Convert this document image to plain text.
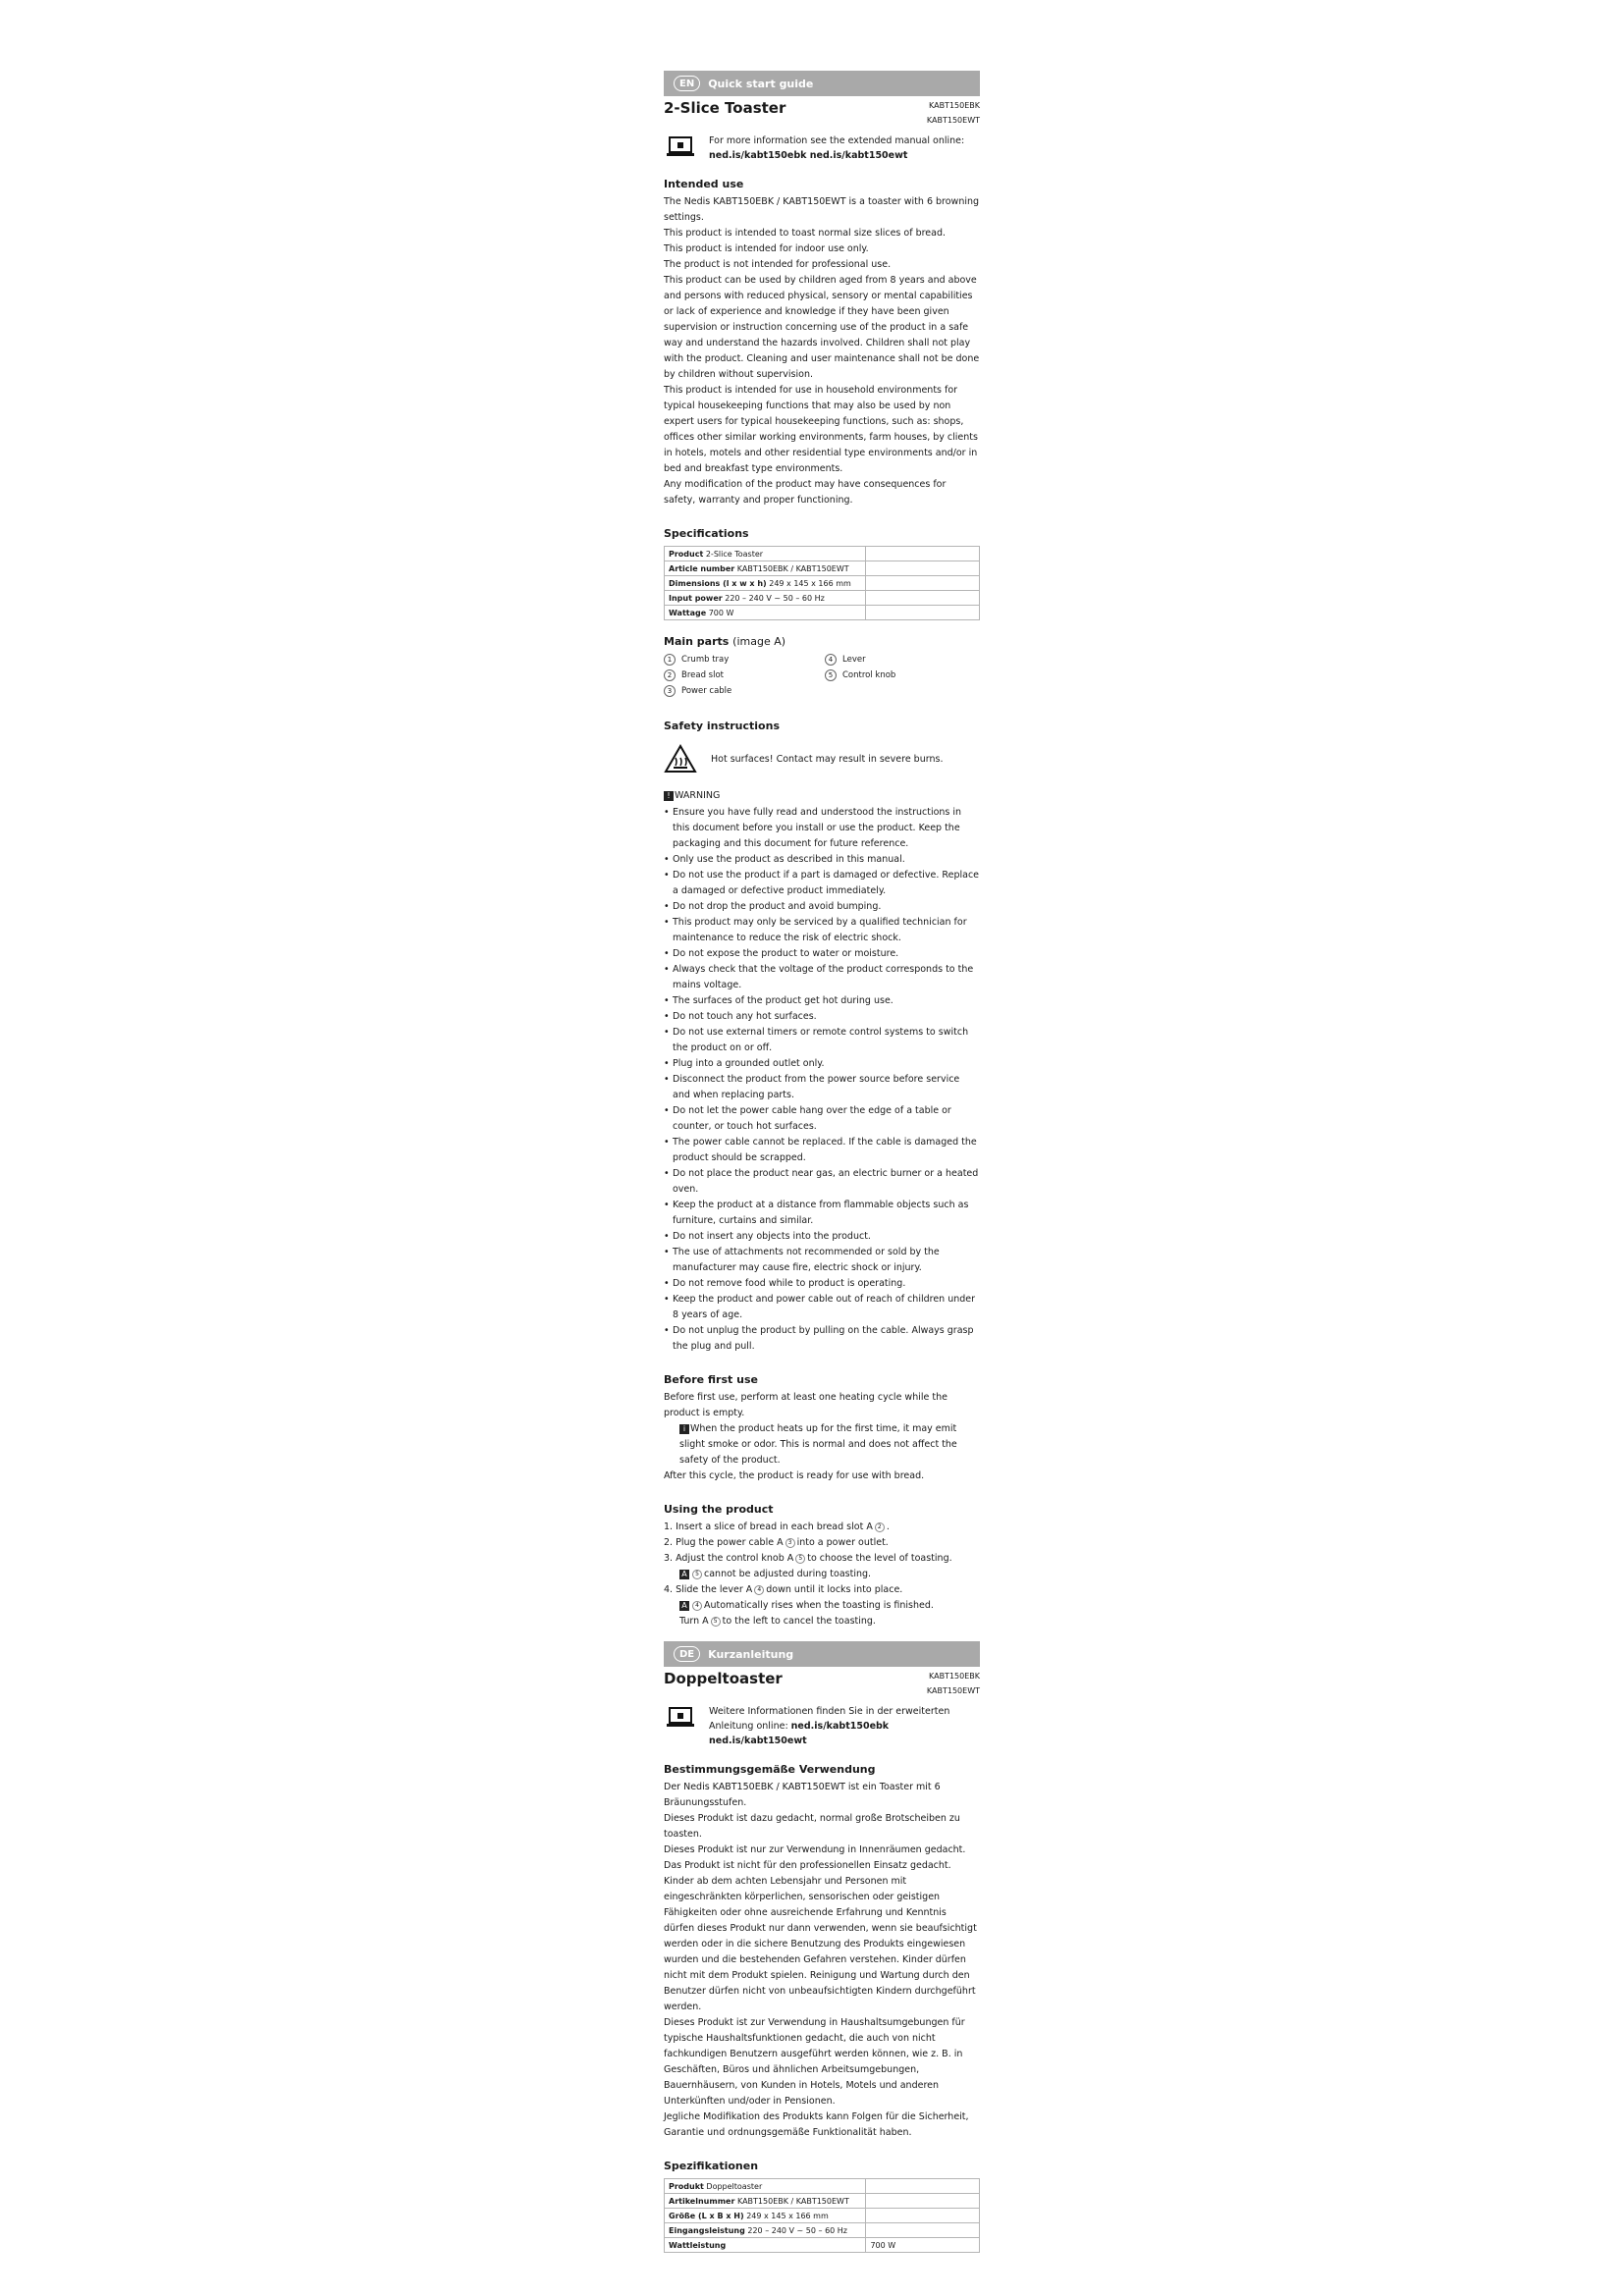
EN	Quick start guide
2-Slice Toaster	KABT150EBK
KABT150EWT
For more information see the extended manual online:
ned.is/kabt150ebk ned.is/kabt150ewt
Intended use

The Nedis KABT150EBK / KABT150EWT is a toaster with 6 browning settings.

This product is intended to toast normal size slices of bread.

This product is intended for indoor use only.

The product is not intended for professional use.

This product can be used by children aged from 8 years and above and persons with reduced physical, sensory or mental capabilities or lack of experience and knowledge if they have been given supervision or instruction concerning use of the product in a safe way and understand the hazards involved. Children shall not play with the product. Cleaning and user maintenance shall not be done by children without supervision.

This product is intended for use in household environments for typical housekeeping functions that may also be used by non expert users for typical housekeeping functions, such as: shops, offices other similar working environments, farm houses, by clients in hotels, motels and other residential type environments and/or in bed and breakfast type environments.

Any modification of the product may have consequences for safety, warranty and proper functioning.

Specifications
Product 2-Slice Toaster	
Article number KABT150EBK / KABT150EWT	
Dimensions (l x w x h) 249 x 145 x 166 mm	
Input power 220 – 240 V ~ 50 – 60 Hz	
Wattage 700 W	
Main parts (image A)
1 Crumb tray	4 Lever
2 Bread slot	5 Control knob
3 Power cable
Safety instructions
Hot surfaces! Contact may result in severe burns.
! WARNING
• Ensure you have fully read and understood the instructions in this document before you install or use the product. Keep the packaging and this document for future reference.
• Only use the product as described in this manual.
• Do not use the product if a part is damaged or defective. Replace a damaged or defective product immediately.
• Do not drop the product and avoid bumping.
• This product may only be serviced by a qualified technician for maintenance to reduce the risk of electric shock.
• Do not expose the product to water or moisture.
• Always check that the voltage of the product corresponds to the mains voltage.
• The surfaces of the product get hot during use.
• Do not touch any hot surfaces.
• Do not use external timers or remote control systems to switch the product on or off.
• Plug into a grounded outlet only.
• Disconnect the product from the power source before service and when replacing parts.
• Do not let the power cable hang over the edge of a table or counter, or touch hot surfaces.
• The power cable cannot be replaced. If the cable is damaged the product should be scrapped.
• Do not place the product near gas, an electric burner or a heated oven.
• Keep the product at a distance from flammable objects such as furniture, curtains and similar.
• Do not insert any objects into the product.
• The use of attachments not recommended or sold by the manufacturer may cause fire, electric shock or injury.
• Do not remove food while to product is operating.
• Keep the product and power cable out of reach of children under 8 years of age.
• Do not unplug the product by pulling on the cable. Always grasp the plug and pull.
Before first use

Before first use, perform at least one heating cycle while the product is empty.

i When the product heats up for the first time, it may emit slight smoke or odor. This is normal and does not affect the safety of the product.

After this cycle, the product is ready for use with bread.

Using the product
1. Insert a slice of bread in each bread slot A 2 .
2. Plug the power cable A 3 into a power outlet.
3. Adjust the control knob A 5 to choose the level of toasting.
A 5 cannot be adjusted during toasting.
4. Slide the lever A 4 down until it locks into place.
A 4 Automatically rises when the toasting is finished.
Turn A 5 to the left to cancel the toasting.
DE	Kurzanleitung
Doppeltoaster	KABT150EBK
KABT150EWT
Weitere Informationen finden Sie in der erweiterten
Anleitung online: ned.is/kabt150ebk ned.is/kabt150ewt
Bestimmungsgemäße Verwendung

Der Nedis KABT150EBK / KABT150EWT ist ein Toaster mit 6 Bräunungsstufen.

Dieses Produkt ist dazu gedacht, normal große Brotscheiben zu toasten.

Dieses Produkt ist nur zur Verwendung in Innenräumen gedacht.

Das Produkt ist nicht für den professionellen Einsatz gedacht.

Kinder ab dem achten Lebensjahr und Personen mit eingeschränkten körperlichen, sensorischen oder geistigen Fähigkeiten oder ohne ausreichende Erfahrung und Kenntnis dürfen dieses Produkt nur dann verwenden, wenn sie beaufsichtigt werden oder in die sichere Benutzung des Produkts eingewiesen wurden und die bestehenden Gefahren verstehen. Kinder dürfen nicht mit dem Produkt spielen. Reinigung und Wartung durch den Benutzer dürfen nicht von unbeaufsichtigten Kindern durchgeführt werden.

Dieses Produkt ist zur Verwendung in Haushaltsumgebungen für typische Haushaltsfunktionen gedacht, die auch von nicht fachkundigen Benutzern ausgeführt werden können, wie z. B. in Geschäften, Büros und ähnlichen Arbeitsumgebungen, Bauernhäusern, von Kunden in Hotels, Motels und anderen Unterkünften und/oder in Pensionen.

Jegliche Modifikation des Produkts kann Folgen für die Sicherheit, Garantie und ordnungsgemäße Funktionalität haben.

Spezifikationen
Produkt Doppeltoaster	
Artikelnummer KABT150EBK / KABT150EWT	
Größe (L x B x H) 249 x 145 x 166 mm	
Eingangsleistung 220 – 240 V ~ 50 – 60 Hz	
Wattleistung	700 W
